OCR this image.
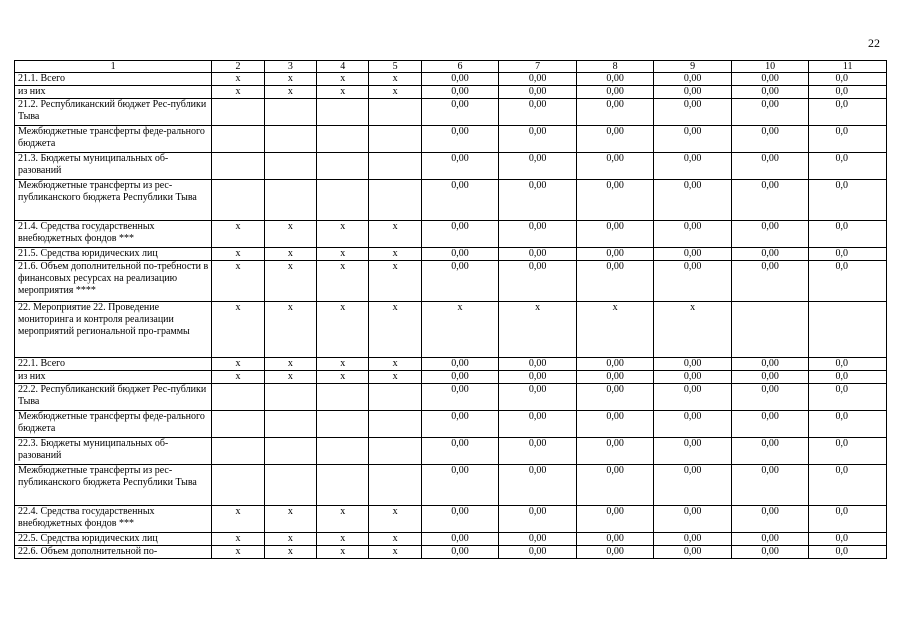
22
1	2	3	4	5	6	7	8	9	10	11
21.1. Всего	x	x	x	x	0,00	0,00	0,00	0,00	0,00	0,0
из них	x	x	x	x	0,00	0,00	0,00	0,00	0,00	0,0
21.2. Республиканский бюджет Рес-публики Тыва					0,00	0,00	0,00	0,00	0,00	0,0
Межбюджетные трансферты феде-рального бюджета					0,00	0,00	0,00	0,00	0,00	0,0
21.3. Бюджеты муниципальных об-разований					0,00	0,00	0,00	0,00	0,00	0,0
Межбюджетные трансферты из рес-публиканского бюджета Республики Тыва					0,00	0,00	0,00	0,00	0,00	0,0
21.4. Средства государственных внебюджетных фондов ***	x	x	x	x	0,00	0,00	0,00	0,00	0,00	0,0
21.5. Средства юридических лиц	x	x	x	x	0,00	0,00	0,00	0,00	0,00	0,0
21.6. Объем дополнительной по-требности в финансовых ресурсах на реализацию мероприятия ****	x	x	x	x	0,00	0,00	0,00	0,00	0,00	0,0
22. Мероприятие 22. Проведение мониторинга и контроля реализации мероприятий региональной про-граммы	x	x	x	x	x	x	x	x		
22.1. Всего	x	x	x	x	0,00	0,00	0,00	0,00	0,00	0,0
из них	x	x	x	x	0,00	0,00	0,00	0,00	0,00	0,0
22.2. Республиканский бюджет Рес-публики Тыва					0,00	0,00	0,00	0,00	0,00	0,0
Межбюджетные трансферты феде-рального бюджета					0,00	0,00	0,00	0,00	0,00	0,0
22.3. Бюджеты муниципальных об-разований					0,00	0,00	0,00	0,00	0,00	0,0
Межбюджетные трансферты из рес-публиканского бюджета Республики Тыва					0,00	0,00	0,00	0,00	0,00	0,0
22.4. Средства государственных внебюджетных фондов ***	x	x	x	x	0,00	0,00	0,00	0,00	0,00	0,0
22.5. Средства юридических лиц	x	x	x	x	0,00	0,00	0,00	0,00	0,00	0,0
22.6. Объем дополнительной по-	x	x	x	x	0,00	0,00	0,00	0,00	0,00	0,0
